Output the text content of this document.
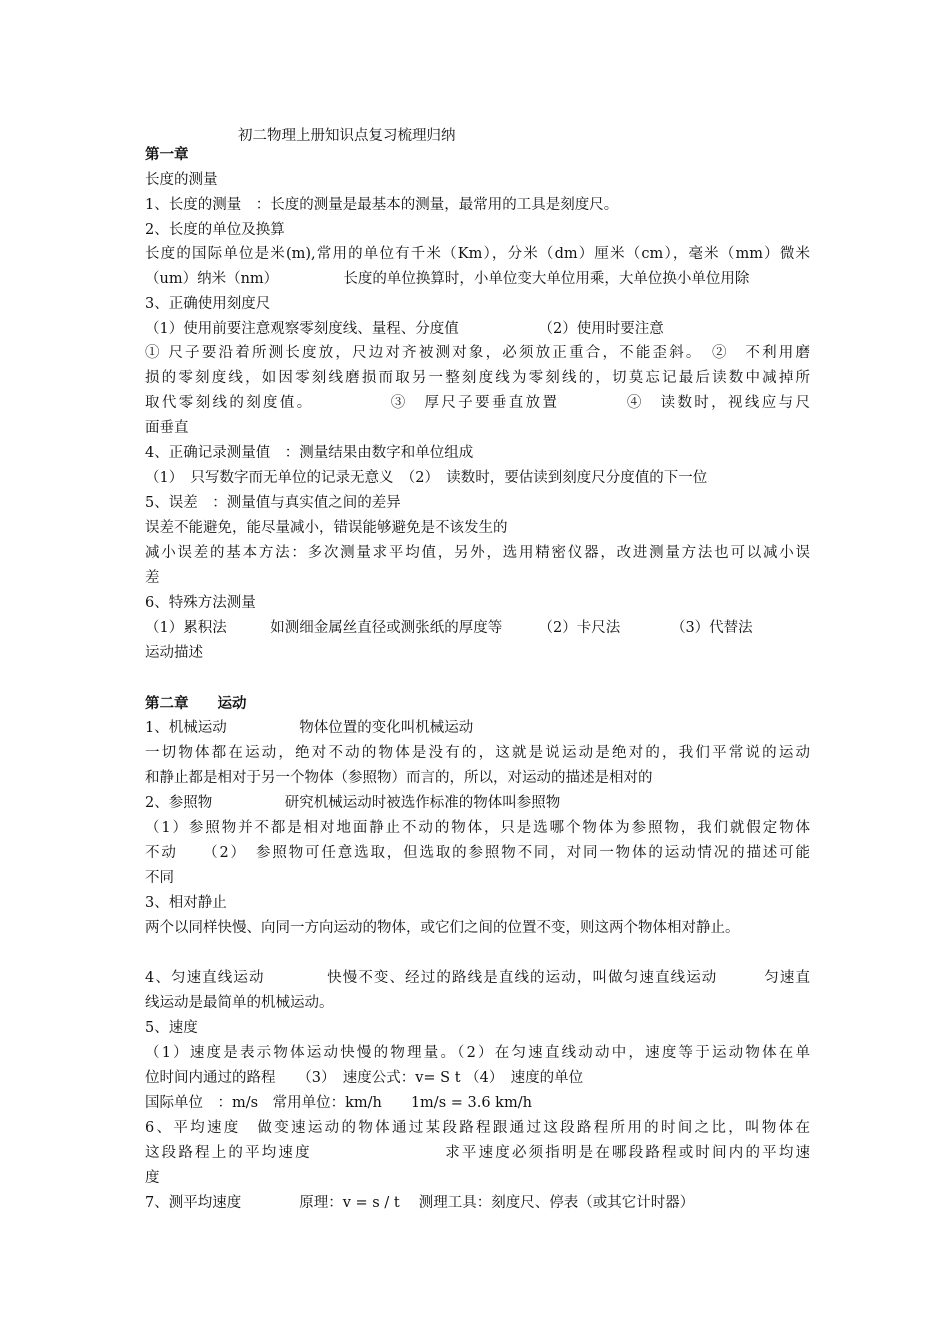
初二物理上册知识点复习梳理归纳
第一章
长度的测量
1、长度的测量　：长度的测量是最基本的测量，最常用的工具是刻度尺。
2、长度的单位及换算
长度的国际单位是米(m),常用的单位有千米（Km），分米（dm）厘米（cm），毫米（mm）微米
（um）纳米（nm）　　　　　长度的单位换算时，小单位变大单位用乘，大单位换小单位用除
3、正确使用刻度尺
（1）使用前要注意观察零刻度线、量程、分度值　　　　　　（2）使用时要注意
① 尺子要沿着所测长度放，尺边对齐被测对象，必须放正重合，不能歪斜。　②　不利用磨
损的零刻度线，如因零刻线磨损而取另一整刻度线为零刻线的，切莫忘记最后读数中减掉所
取代零刻线的刻度值。　　　　　③　厚尺子要垂直放置　　　　④　读数时，视线应与尺
面垂直
4、正确记录测量值　：测量结果由数字和单位组成
（1）　只写数字而无单位的记录无意义　（2）　读数时，要估读到刻度尺分度值的下一位
5、误差　：测量值与真实值之间的差异
误差不能避免，能尽量减小，错误能够避免是不该发生的
减小误差的基本方法：多次测量求平均值，另外，选用精密仪器，改进测量方法也可以减小误
差
6、特殊方法测量
（1）累积法　　　如测细金属丝直径或测张纸的厚度等　　　（2）卡尺法　　　　（3）代替法
运动描述
第二章　　运动
1、机械运动　　　　　物体位置的变化叫机械运动
一切物体都在运动，绝对不动的物体是没有的，这就是说运动是绝对的，我们平常说的运动
和静止都是相对于另一个物体（参照物）而言的，所以，对运动的描述是相对的
2、参照物　　　　　研究机械运动时被选作标准的物体叫参照物
（1）参照物并不都是相对地面静止不动的物体，只是选哪个物体为参照物，我们就假定物体
不动　　（2）　参照物可任意选取，但选取的参照物不同，对同一物体的运动情况的描述可能
不同
3、相对静止
两个以同样快慢、向同一方向运动的物体，或它们之间的位置不变，则这两个物体相对静止。
4、匀速直线运动　　　　快慢不变、经过的路线是直线的运动，叫做匀速直线运动　　　匀速直
线运动是最简单的机械运动。
5、速度
（1）速度是表示物体运动快慢的物理量。（2）在匀速直线动动中，速度等于运动物体在单
位时间内通过的路程　　（3）　速度公式：v= S t （4）　速度的单位
国际单位　：m/s　常用单位：km/h　　1m/s = 3.6 km/h
6、平均速度　做变速运动的物体通过某段路程跟通过这段路程所用的时间之比，叫物体在
这段路程上的平均速度　　　　　　　　求平速度必须指明是在哪段路程或时间内的平均速
度
7、测平均速度　　　　原理：v = s / t　 测理工具：刻度尺、停表（或其它计时器）
